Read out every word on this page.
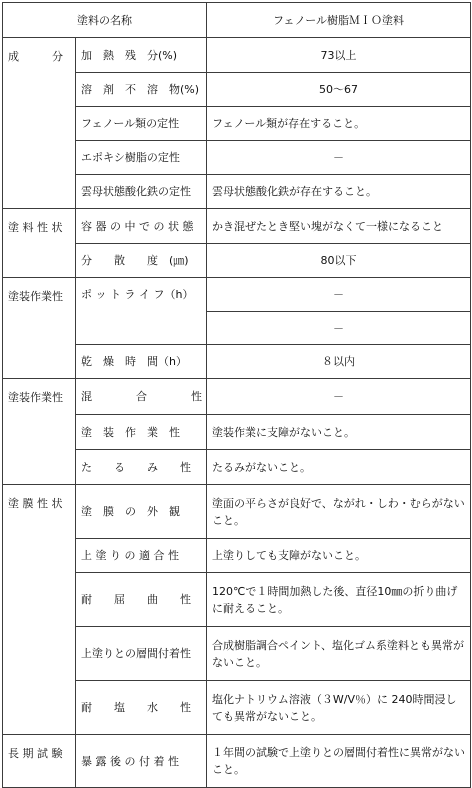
塗料の名称		フェノール樹脂ＭＩＯ塗料
成　　　分	加　熱　残　分(%)	73以上
	溶　剤　不　溶　物(%)	50～67
	フェノール類の定性	フェノール類が存在すること。
	エポキシ樹脂の定性	－
	雲母状態酸化鉄の定性	雲母状態酸化鉄が存在すること。
塗 料 性 状	容 器 の 中 で の 状 態	かき混ぜたとき堅い塊がなくて一様になること
	分　　散　　度　(㎛)	80以下
塗装作業性	ポ ッ ト ラ イ フ（h）	－
		－
	乾　燥　時　間（h）	８以内
塗装作業性	混　　　　合　　　　性	－
	塗　装　作　業　性	塗装作業に支障がないこと。
	た　　る　　み　　性	たるみがないこと。
塗 膜 性 状	塗　膜　の　外　観	塗面の平らさが良好で、ながれ・しわ・むらがないこと。
	上 塗 り の 適 合 性	上塗りしても支障がないこと。
	耐　　屈　　曲　　性	120℃で１時間加熱した後、直径10㎜の折り曲げに耐えること。
	上塗りとの層間付着性	合成樹脂調合ペイント、塩化ゴム系塗料とも異常がないこと。
	耐　　塩　　水　　性	塩化ナトリウム溶液（３W/V％）に 240時間浸しても異常がないこと。
長 期 試 験	暴 露 後 の 付 着 性	１年間の試験で上塗りとの層間付着性に異常がないこと。
